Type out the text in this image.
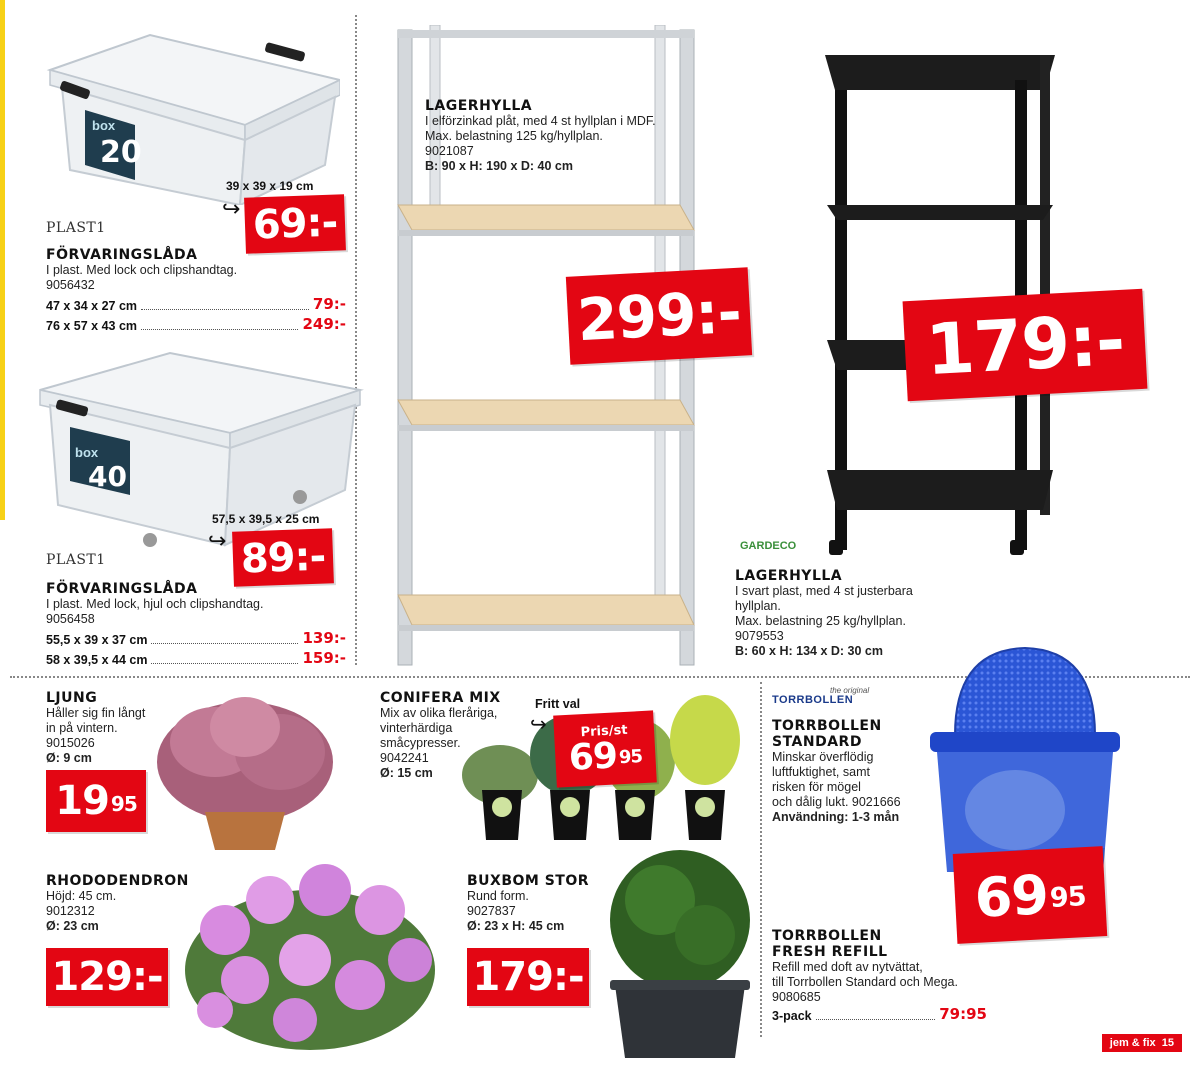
box
20
39 x 39 x 19 cm
↪ 69:-
PLAST1
FÖRVARINGSLÅDA
I plast. Med lock och clipshandtag.
9056432
47 x 34 x 27 cm	79:-
76 x 57 x 43 cm	249:-
box
40
57,5 x 39,5 x 25 cm
↪ 89:-
PLAST1
FÖRVARINGSLÅDA
I plast. Med lock, hjul och clipshandtag.
9056458
55,5 x 39 x 37 cm	139:-
58 x 39,5 x 44 cm	159:-
LAGERHYLLA
I elförzinkad plåt, med 4 st hyllplan i MDF.
Max. belastning 125 kg/hyllplan.
9021087
B: 90 x H: 190 x D: 40 cm
299:-	179:-
GARDECO
LAGERHYLLA
I svart plast, med 4 st justerbara
hyllplan.
Max. belastning 25 kg/hyllplan.
9079553
B: 60 x H: 134 x D: 30 cm
LJUNG
Håller sig fin långt
in på vintern.
9015026
Ø: 9 cm
$19^{95}$
CONIFERA MIX
Mix av olika fleråriga,
vinterhärdiga
småcypresser.
9042241
Ø: 15 cm
Fritt val
↪	Pris/st
$69^{95}$
the original
TORRBOLLEN
TORRBOLLEN
STANDARD
Minskar överflödig
luftfuktighet, samt
risken för mögel
och dålig lukt. 9021666
Användning: 1-3 mån
$69^{95}$
TORRBOLLEN
FRESH REFILL
Refill med doft av nytvättat,
till Torrbollen Standard och Mega.
9080685
3-pack	79:95
RHODODENDRON
Höjd: 45 cm.
9012312
Ø: 23 cm
129:-
BUXBOM STOR
Rund form.
9027837
Ø: 23 x H: 45 cm
179:-
jem & fix 15
